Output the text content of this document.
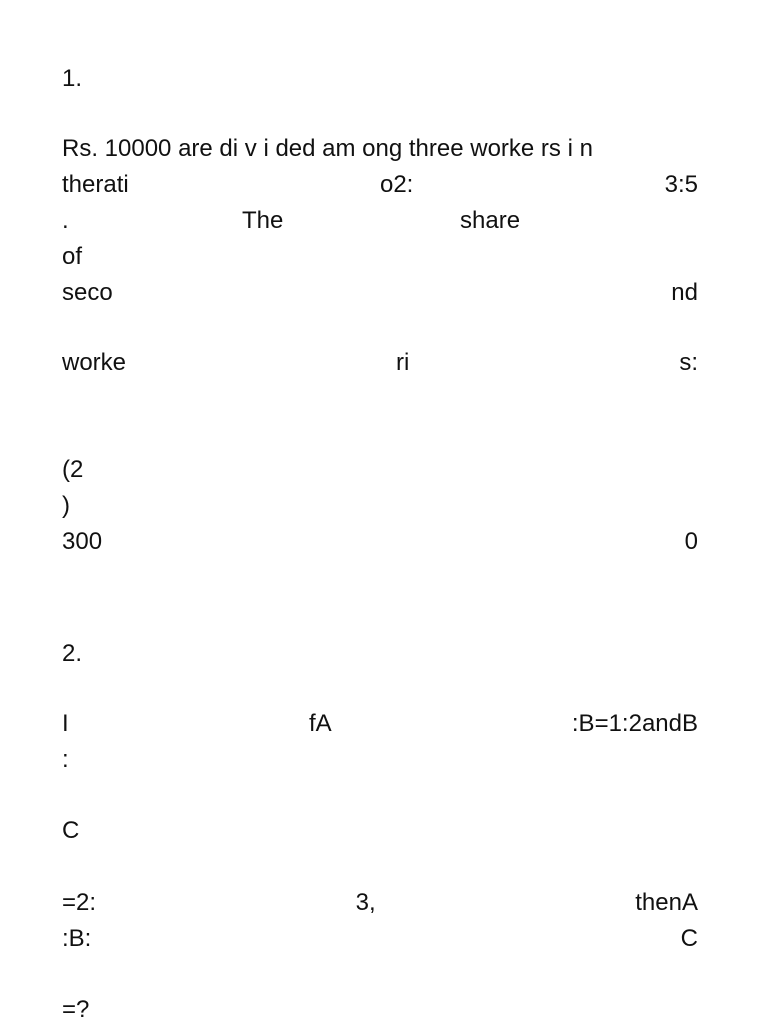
1.
Rs. 10000 are di v i ded am ong three worke rs i n
therati	o2:	3:5
.	The	share
of
seco	nd
worke	ri	s:
(2
)
300	0
2.
I	fA	:B=1:2andB
:
C
=2:	3,	thenA
:B:	C
=?
